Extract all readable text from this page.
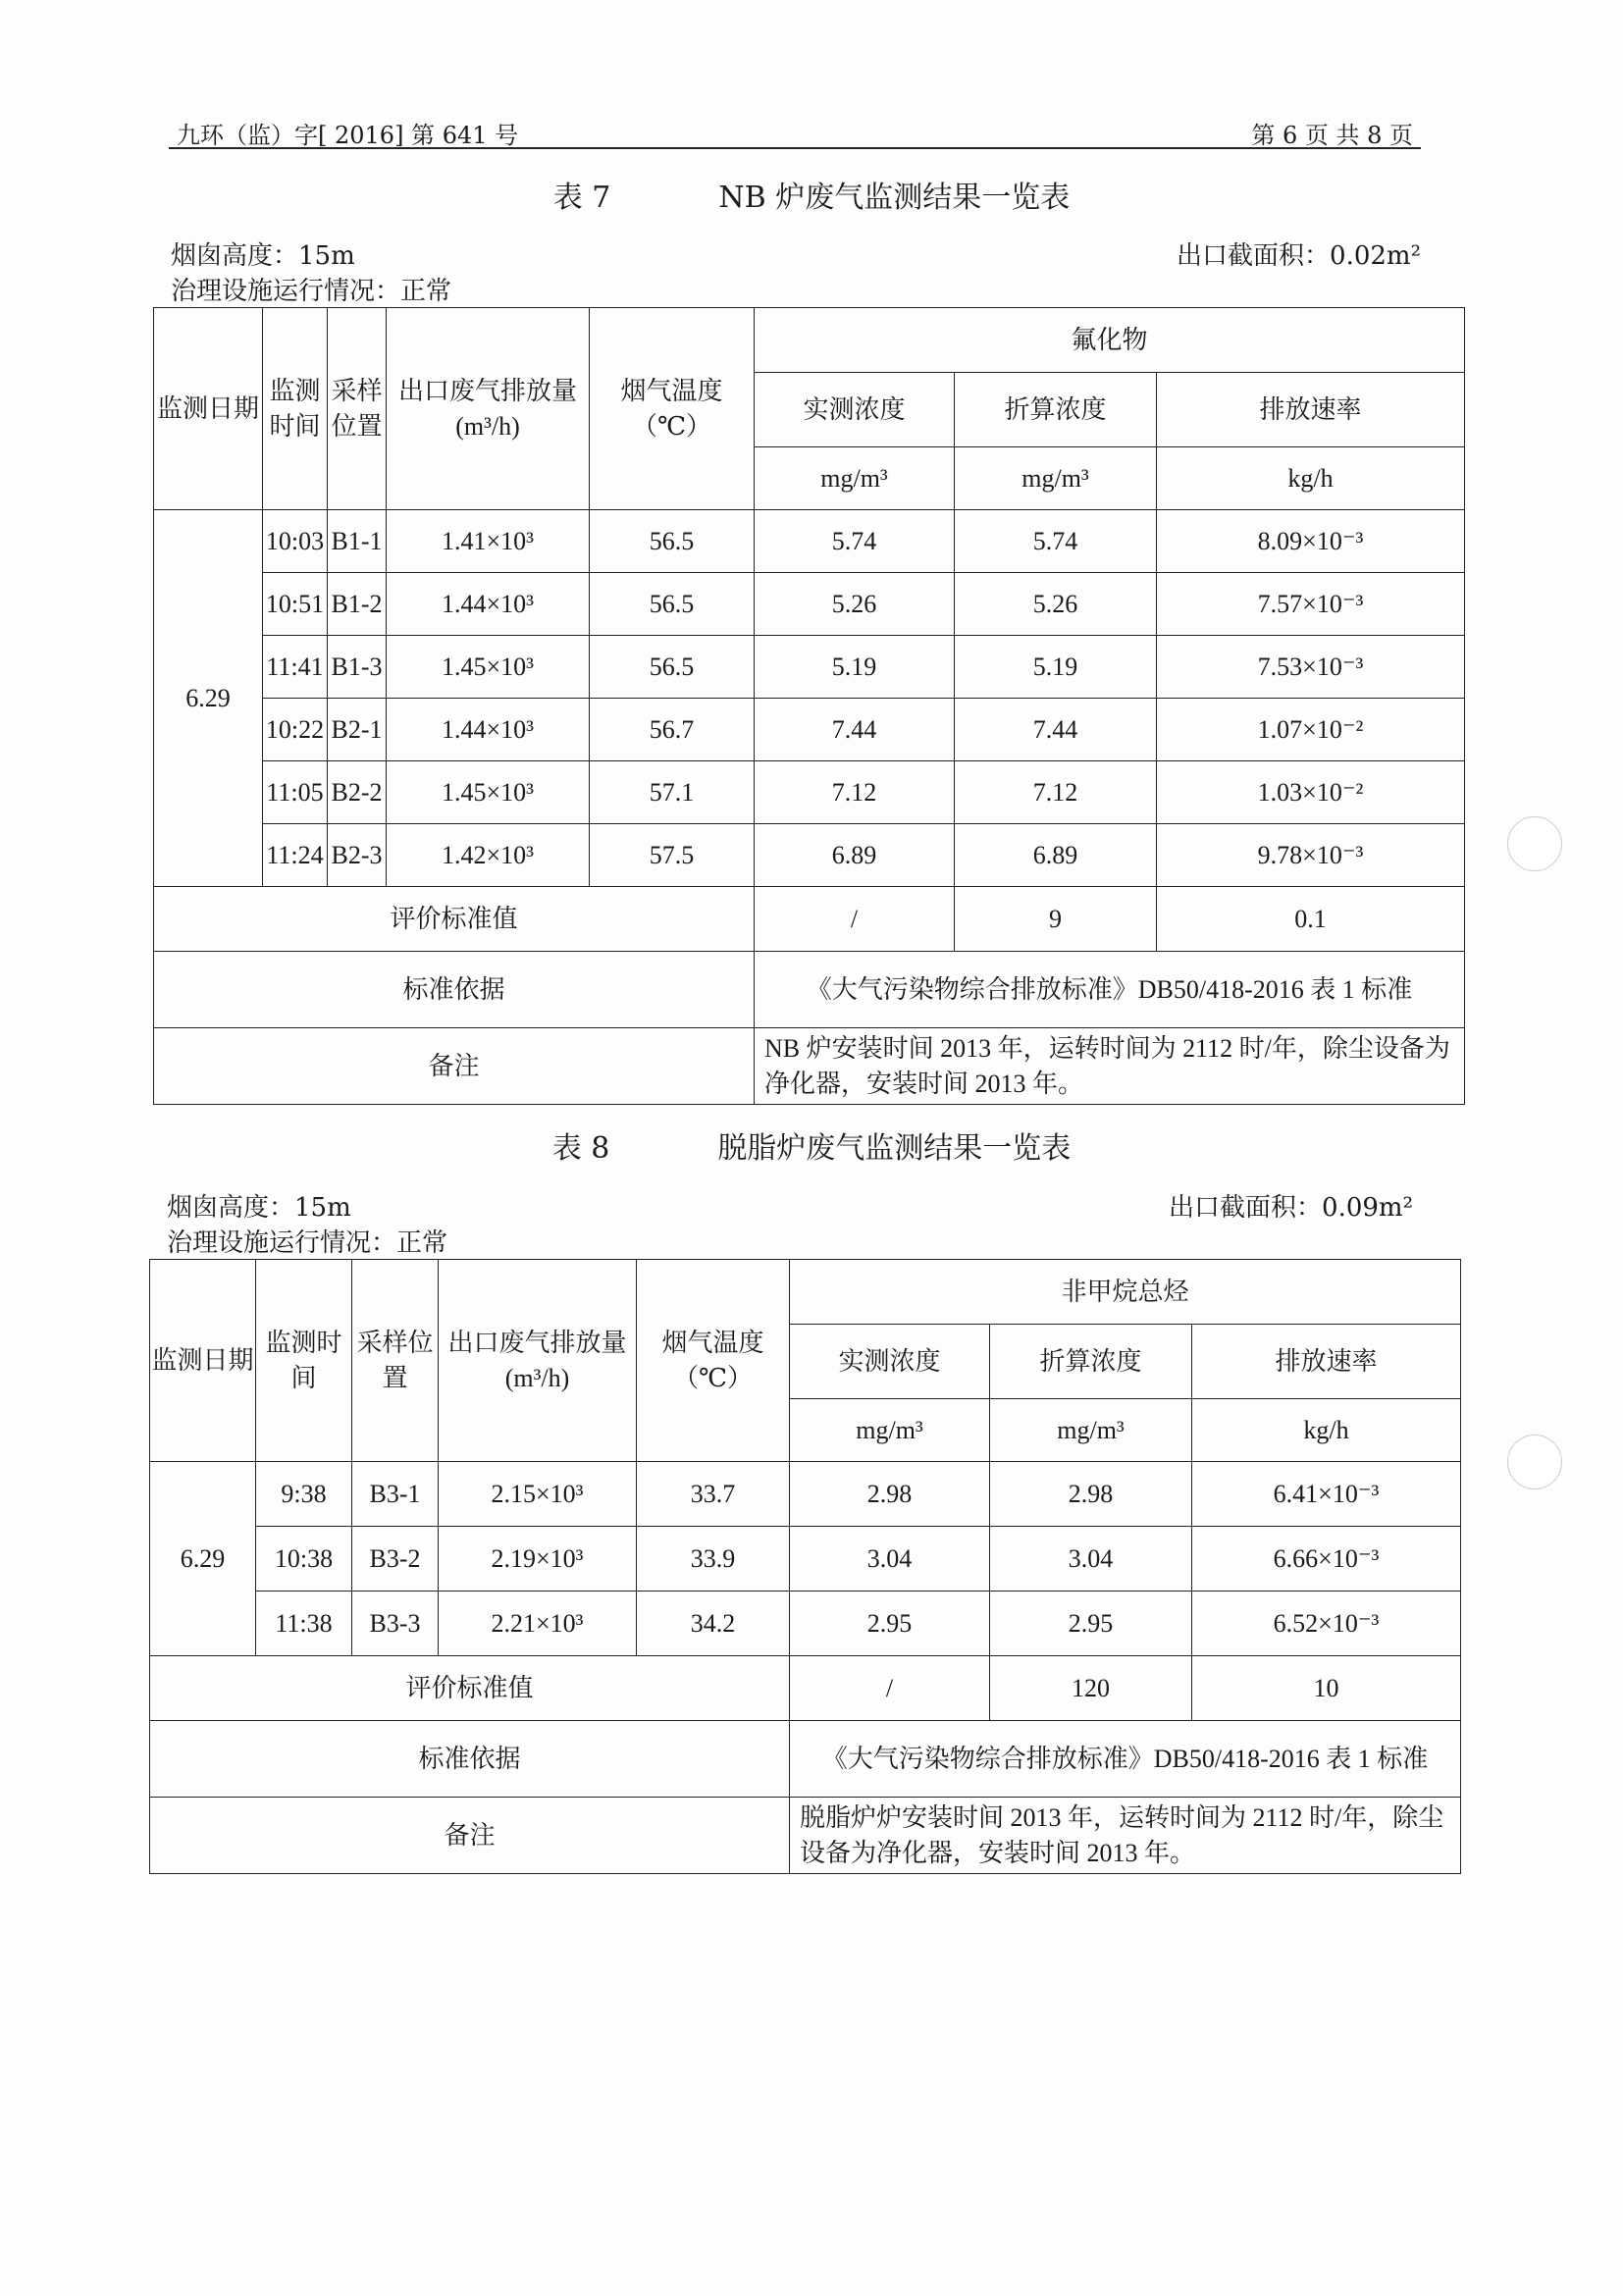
九环（监）字[ 2016] 第 641 号	第 6 页 共 8 页
表 7	NB 炉废气监测结果一览表
烟囱高度：15m	出口截面积：0.02m²
治理设施运行情况：正常
监测日期	监测时间	采样位置	出口废气排放量(m³/h)	烟气温度（℃）	氟化物		
					实测浓度	折算浓度	排放速率
					mg/m³	mg/m³	kg/h
6.29	10:03	B1-1	1.41×10³	56.5	5.74	5.74	8.09×10⁻³
	10:51	B1-2	1.44×10³	56.5	5.26	5.26	7.57×10⁻³
	11:41	B1-3	1.45×10³	56.5	5.19	5.19	7.53×10⁻³
	10:22	B2-1	1.44×10³	56.7	7.44	7.44	1.07×10⁻²
	11:05	B2-2	1.45×10³	57.1	7.12	7.12	1.03×10⁻²
	11:24	B2-3	1.42×10³	57.5	6.89	6.89	9.78×10⁻³
评价标准值					/	9	0.1
标准依据					《大气污染物综合排放标准》DB50/418-2016 表 1 标准		
备注					NB 炉安装时间 2013 年，运转时间为 2112 时/年，除尘设备为净化器，安装时间 2013 年。		
表 8	脱脂炉废气监测结果一览表
烟囱高度：15m	出口截面积：0.09m²
治理设施运行情况：正常
监测日期	监测时间	采样位置	出口废气排放量(m³/h)	烟气温度（℃）	非甲烷总烃		
					实测浓度	折算浓度	排放速率
					mg/m³	mg/m³	kg/h
6.29	9:38	B3-1	2.15×10³	33.7	2.98	2.98	6.41×10⁻³
	10:38	B3-2	2.19×10³	33.9	3.04	3.04	6.66×10⁻³
	11:38	B3-3	2.21×10³	34.2	2.95	2.95	6.52×10⁻³
评价标准值					/	120	10
标准依据					《大气污染物综合排放标准》DB50/418-2016 表 1 标准		
备注					脱脂炉炉安装时间 2013 年，运转时间为 2112 时/年，除尘设备为净化器，安装时间 2013 年。		
